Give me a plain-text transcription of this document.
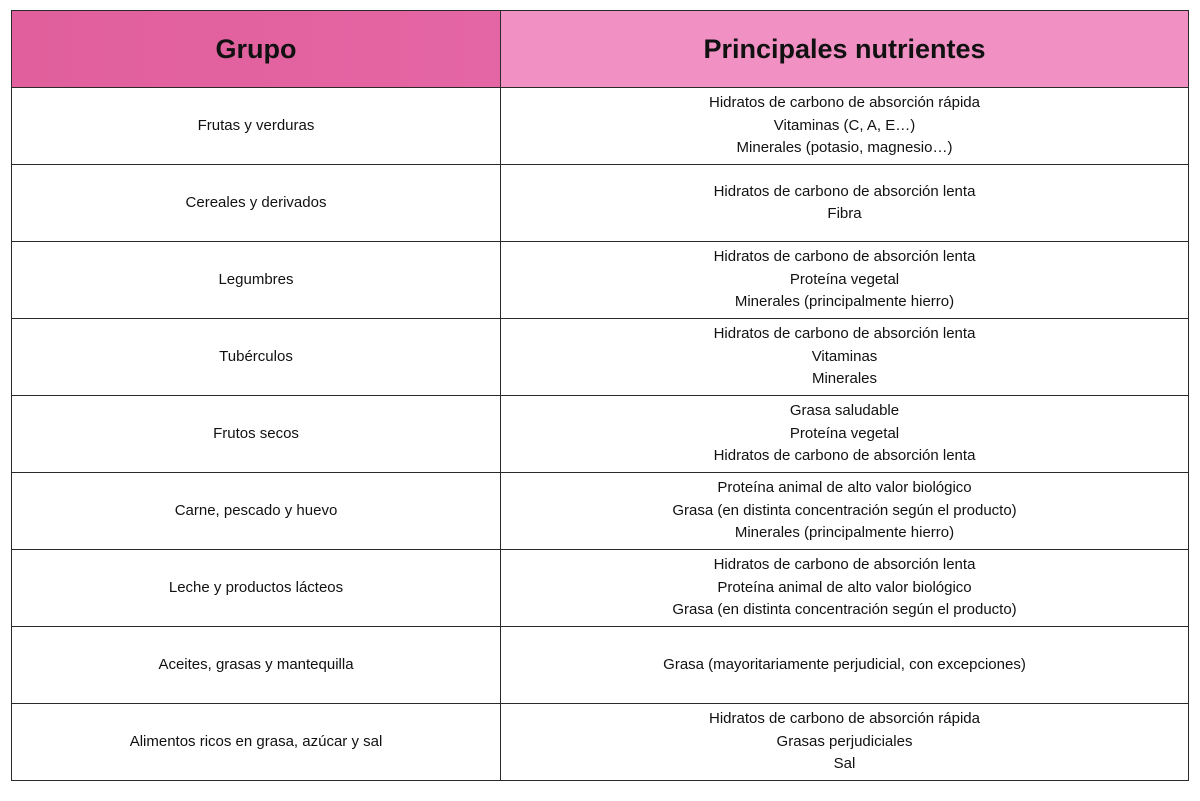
Grupo	Principales nutrientes
Frutas y verduras	Hidratos de carbono de absorción rápida
Vitaminas (C, A, E…)
Minerales (potasio, magnesio…)

Cereales y derivados	Hidratos de carbono de absorción lenta
Fibra

Legumbres	Hidratos de carbono de absorción lenta
Proteína vegetal
Minerales (principalmente hierro)

Tubérculos	Hidratos de carbono de absorción lenta
Vitaminas
Minerales

Frutos secos	Grasa saludable
Proteína vegetal
Hidratos de carbono de absorción lenta

Carne, pescado y huevo	Proteína animal de alto valor biológico
Grasa (en distinta concentración según el producto)
Minerales (principalmente hierro)

Leche y productos lácteos	Hidratos de carbono de absorción lenta
Proteína animal de alto valor biológico
Grasa (en distinta concentración según el producto)

Aceites, grasas y mantequilla	Grasa (mayoritariamente perjudicial, con excepciones)

Alimentos ricos en grasa, azúcar y sal	Hidratos de carbono de absorción rápida
Grasas perjudiciales
Sal
